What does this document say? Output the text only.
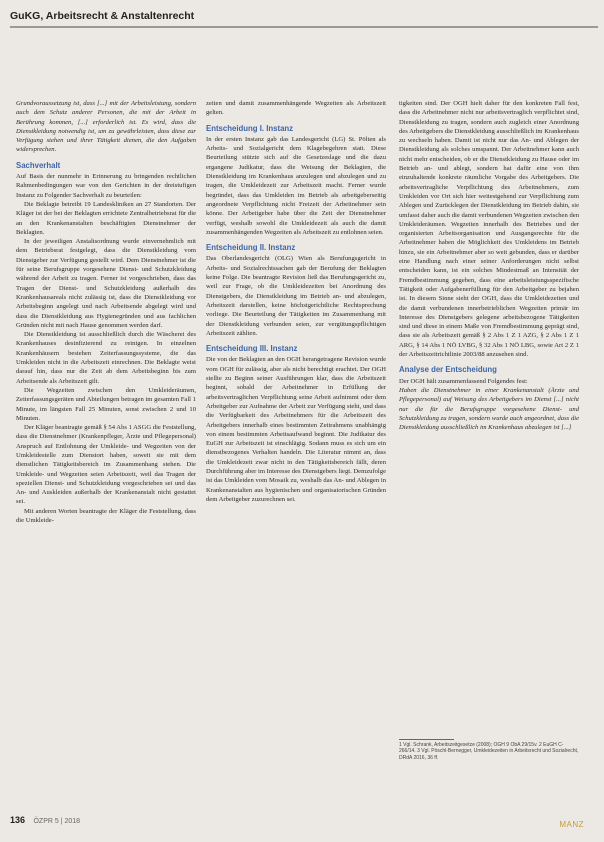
GuKG, Arbeitsrecht & Anstaltenrecht

Grundvoraussetzung ist, dass [...] mit der Arbeitsleistung, sondern auch dem Schutz anderer Personen, die mit der Arbeit in Berührung kommen, [...] erforderlich ist. Es wird, dass die Dienstkleidung notwendig ist, um zu gewährleisten, dass diese zur Verfügung stehen und ihrer Tätigkeit dienen, die den Aufgaben widersprechen.

Sachverhalt

Auf Basis der nunmehr in Erinnerung zu bringenden rechtlichen Rahmenbedingungen war von den Gerichten in der dreistufigen Instanz zu Folgender Sachverhalt zu beurteilen:

Die Beklagte betreibt 19 Landeskliniken an 27 Standorten. Der Kläger ist der bei der Beklagten errichtete Zentralbetriebsrat für die an den Krankenanstalten beschäftigten Dienstnehmer der Beklagten.

In der jeweiligen Anstaltsordnung wurde einvernehmlich mit dem Betriebsrat festgelegt, dass die Dienstkleidung vom Dienstgeber zur Verfügung gestellt wird. Dem Dienstnehmer ist die für seine Berufsgruppe vorgesehene Dienst- und Schutzkleidung während der Arbeit zu tragen. Ferner ist vorgeschrieben, dass das Tragen der Dienst- und Schutzkleidung außerhalb des Krankenhausareals nicht zulässig ist, dass die Dienstkleidung vor Arbeitsbeginn angelegt und nach Arbeitsende abgelegt wird und dass die Dienstkleidung aus Hygienegründen und aus fachlichen Gründen nicht mit nach Hause genommen werden darf.

Die Dienstkleidung ist ausschließlich durch die Wäscherei des Krankenhauses desinfizierend zu reinigen. In einzelnen Krankenhäusern bestehen Zeiterfassungssysteme, die das Umkleiden nicht in die Arbeitszeit einrechnen. Die Beklagte weist darauf hin, dass nur die Zeit ab dem Arbeitsbeginn bis zum Arbeitsende als Arbeitszeit gilt.

Die Wegzeiten zwischen den Umkleideräumen, Zeiterfassungsgeräten und Abteilungen betragen im gesamten Fall 1 Minute, im längsten Fall 25 Minuten, sonst zwischen 2 und 10 Minuten.

Der Kläger beantragte gemäß § 54 Abs 1 ASGG die Feststellung, dass die Dienstnehmer (Krankenpfleger, Ärzte und Pflegepersonal) Anspruch auf Entlohnung der Umkleide- und Wegzeiten von der Umkleidestelle zum Dienstort haben, soweit sie mit dem dienstlichen Tätigkeitsbereich im Zusammenhang stehen. Die Umkleide- und Wegzeiten seien Arbeitszeit, weil das Tragen der speziellen Dienst- und Schutzkleidung vorgeschrieben sei und das An- und Auskleiden außerhalb der Krankenanstalt nicht gestattet sei.

Mit anderen Worten beantragte der Kläger die Feststellung, dass die Umkleide-

zeiten und damit zusammenhängende Wegzeiten als Arbeitszeit gelten.

Entscheidung I. Instanz

In der ersten Instanz gab das Landesgericht (LG) St. Pölten als Arbeits- und Sozialgericht dem Klagebegehren statt. Diese Beurteilung stützte sich auf die Gesetzeslage und die dazu ergangene Judikatur, dass die Weisung der Beklagten, die Dienstkleidung im Krankenhaus anzulegen und abzulegen und zu tragen, die Umkleidezeit zur Arbeitszeit macht. Ferner wurde begründet, dass das Umkleiden im Betrieb als arbeitgeberseitig angeordnete Verpflichtung nicht Freizeit der Arbeitnehmer sein könne. Der Arbeitgeber habe über die Zeit der Dienstnehmer verfügt, weshalb sowohl die Umkleidezeit als auch die damit zusammenhängenden Wegzeiten als Arbeitszeit zu entlohnen seien.

Entscheidung II. Instanz

Das Oberlandesgericht (OLG) Wien als Berufungsgericht in Arbeits- und Sozialrechtssachen gab der Berufung der Beklagten keine Folge. Die beantragte Revision ließ das Berufungsgericht zu, weil zur Frage, ob die Umkleidezeiten bei Anordnung des Dienstgebers, die Dienstkleidung im Betrieb an- und abzulegen, Arbeitszeit darstellen, keine höchstgerichtliche Rechtsprechung vorliege. Die Beurteilung der Tätigkeiten im Zusammenhang mit der Dienstkleidung verbunden seien, zur vergütungspflichtigen Arbeitszeit zählten.

Entscheidung III. Instanz

Die von der Beklagten an den OGH herangetragene Revision wurde vom OGH für zulässig, aber als nicht berechtigt erachtet. Der OGH stellte zu Beginn seiner Ausführungen klar, dass die Arbeitszeit beginnt, sobald der Arbeitnehmer in Erfüllung der arbeitsvertraglichen Verpflichtung seine Arbeit aufnimmt oder dem Arbeitgeber zur Aufnahme der Arbeit zur Verfügung steht, und dass die Verfügbarkeit des Arbeitnehmers für die Arbeitszeit des Arbeitgebers innerhalb eines bestimmten Zeitrahmens unabhängig von einem bestimmten Arbeitsaufwand beginnt. Die Judikatur des EuGH zur Arbeitszeit ist einschlägig. Sodann muss es sich um ein dienstbezogenes Verhalten handeln. Die Literatur nimmt an, dass die Umkleidezeit zwar nicht in den Tätigkeitsbereich fällt, deren Durchführung aber im Interesse des Dienstgebers liegt. Demzufolge ist das Umkleiden vom Mosaik zu, weshalb das An- und Ablegen in Krankenanstalten aus hygienischen und organisatorischen Gründen dem Arbeitgeber zuzurechnen sei.

tigkeiten sind. Der OGH hielt daher für den konkreten Fall fest, dass die Arbeitnehmer nicht nur arbeitsvertraglich verpflichtet sind, Dienstkleidung zu tragen, sondern auch zugleich einer Anordnung des Arbeitgebers die Dienstkleidung ausschließlich im Krankenhaus zu wechseln haben. Damit ist nicht nur das An- und Ablegen der Dienstkleidung als solches umspannt. Der Arbeitnehmer kann auch nicht mehr entscheiden, ob er die Dienstkleidung zu Hause oder im Betrieb an- und ablegt, sondern hat dafür eine von ihm einzuhaltende konkrete räumliche Vorgabe des Arbeitgebers. Die arbeitsvertragliche Verpflichtung des Arbeitnehmers, zum Umkleiden vor Ort sich hier weitestgehend zur Verpflichtung zum Ablegen und Zurücklegen der Dienstkleidung im Betrieb dahin, sie umfasst daher auch die damit verbundenen Wegzeiten zwischen den Umkleideräumen. Wegzeiten innerhalb des Betriebes und der organisierten Arbeitsorganisation und Ausgangsrechte für die Arbeitnehmer haben die Möglichkeit des Umkleidens im Betrieb hinzu, sie ein Arbeitnehmer aber so weit gebunden, dass er darüber eine Handlung nach einer seiner Anforderungen nicht selbst entscheiden kann, ist ein solches Mindestmaß an Intensität der Fremdbestimmung gegeben, dass eine arbeitsleistungsspezifische Tätigkeit oder Aufgabenerfüllung für den Arbeitgeber zu bejahen ist. In diesem Sinne sieht der OGH, dass die Umkleidezeiten und die damit verbundenen innerbetrieblichen Wegzeiten primär im Interesse des Dienstgebers gelegene arbeitsbezogene Tätigkeiten sind und diese in einem Maße von Fremdbestimmung geprägt sind, dass sie als Arbeitszeit gemäß § 2 Abs 1 Z 1 AZG, § 2 Abs 1 Z 1 ARG, § 14 Abs 1 NÖ LVBG, § 32 Abs 1 NÖ LBG, sowie Art 2 Z 1 der Arbeitszeitrichtlinie 2003/88 anzusehen sind.

Analyse der Entscheidung

Der OGH hält zusammenfassend Folgendes fest:

Haben die Dienstnehmer in einer Krankenanstalt (Ärzte und Pflegepersonal) auf Weisung des Arbeitgebers im Dienst [...] nicht nur die für die Berufsgruppe vorgesehene Dienst- und Schutzkleidung zu tragen, sondern wurde auch angeordnet, dass die Dienstkleidung ausschließlich im Krankenhaus abzulegen ist [...]

1 Vgl. Schrank, Arbeitszeitgesetze (2008); OGH 9 ObA 29/15v. 2 EuGH C-266/14. 3 Vgl. Pöschl-Bernegger, Umkleidezeiten in Arbeitsrecht und Sozialrecht, DRdA 2016, 36 ff.
136 ÖZPR 5 | 2018	MANZ
